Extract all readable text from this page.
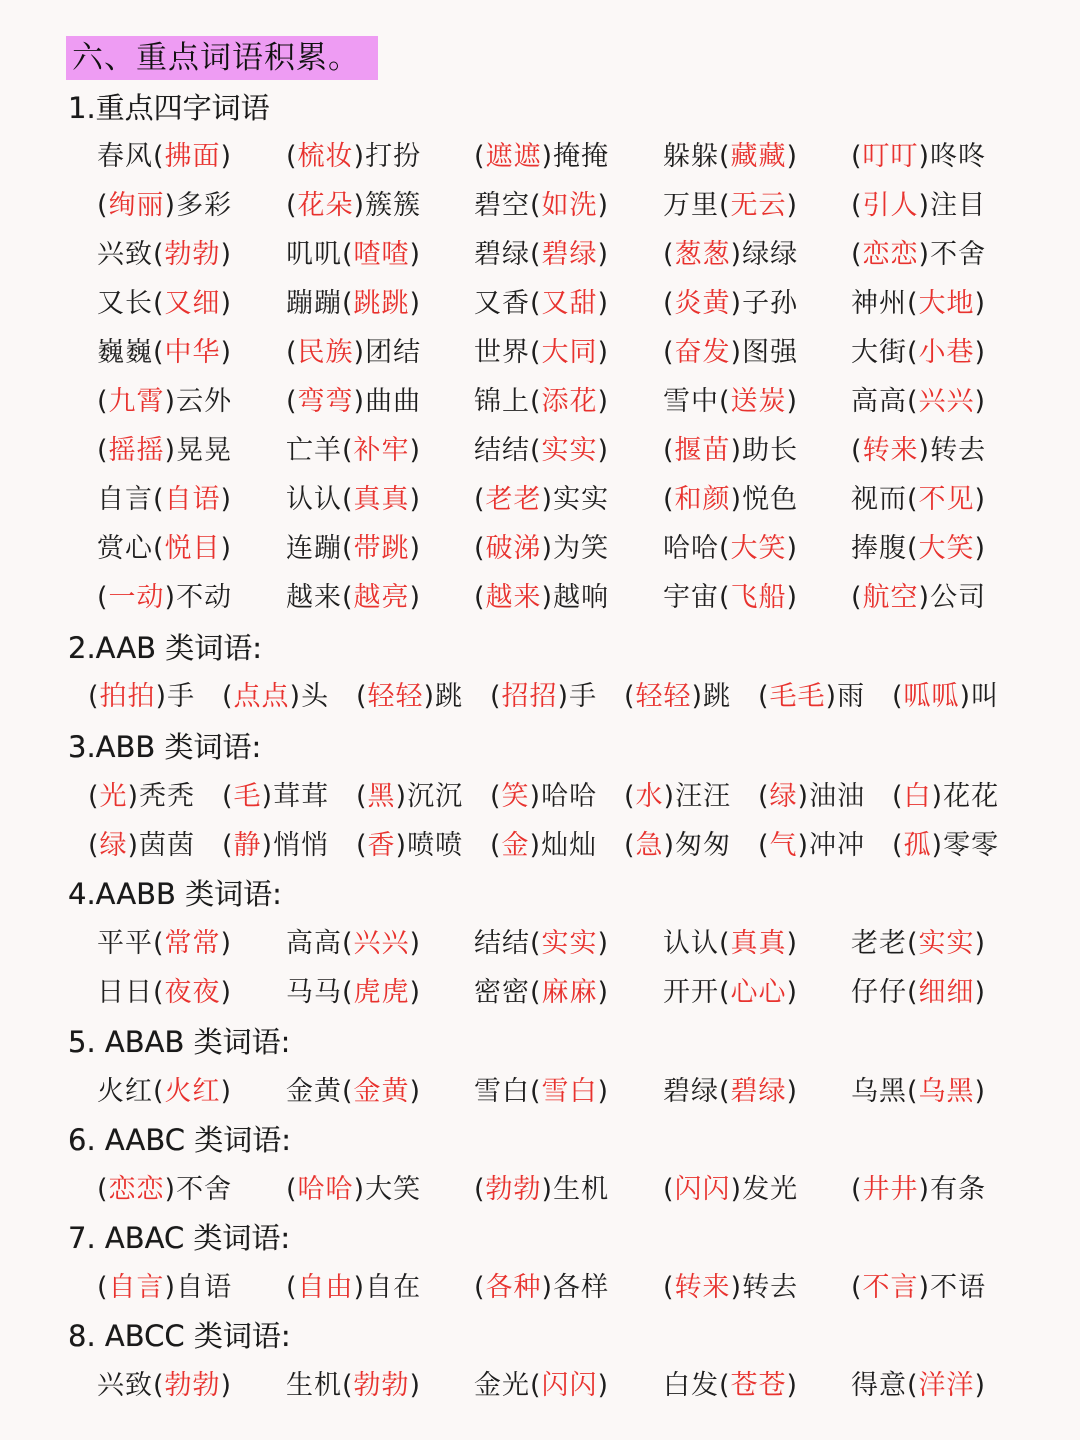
六、重点词语积累。
1.重点四字词语
春风(拂面) (梳妆)打扮 (遮遮)掩掩 躲躲(藏藏) (叮叮)咚咚
(绚丽)多彩 (花朵)簇簇 碧空(如洗) 万里(无云) (引人)注目
兴致(勃勃) 叽叽(喳喳) 碧绿(碧绿) (葱葱)绿绿 (恋恋)不舍
又长(又细) 蹦蹦(跳跳) 又香(又甜) (炎黄)子孙 神州(大地)
巍巍(中华) (民族)团结 世界(大同) (奋发)图强 大街(小巷)
(九霄)云外 (弯弯)曲曲 锦上(添花) 雪中(送炭) 高高(兴兴)
(摇摇)晃晃 亡羊(补牢) 结结(实实) (揠苗)助长 (转来)转去
自言(自语) 认认(真真) (老老)实实 (和颜)悦色 视而(不见)
赏心(悦目) 连蹦(带跳) (破涕)为笑 哈哈(大笑) 捧腹(大笑)
(一动)不动 越来(越亮) (越来)越响 宇宙(飞船) (航空)公司
2.AAB 类词语:
(拍拍)手 (点点)头 (轻轻)跳 (招招)手 (轻轻)跳 (毛毛)雨 (呱呱)叫
3.ABB 类词语:
(光)秃秃 (毛)茸茸 (黑)沉沉 (笑)哈哈 (水)汪汪 (绿)油油 (白)花花
(绿)茵茵 (静)悄悄 (香)喷喷 (金)灿灿 (急)匆匆 (气)冲冲 (孤)零零
4.AABB 类词语:
平平(常常) 高高(兴兴) 结结(实实) 认认(真真) 老老(实实)
日日(夜夜) 马马(虎虎) 密密(麻麻) 开开(心心) 仔仔(细细)
5. ABAB 类词语:
火红(火红) 金黄(金黄) 雪白(雪白) 碧绿(碧绿) 乌黑(乌黑)
6. AABC 类词语:
(恋恋)不舍 (哈哈)大笑 (勃勃)生机 (闪闪)发光 (井井)有条
7. ABAC 类词语:
(自言)自语 (自由)自在 (各种)各样 (转来)转去 (不言)不语
8. ABCC 类词语:
兴致(勃勃) 生机(勃勃) 金光(闪闪) 白发(苍苍) 得意(洋洋)
